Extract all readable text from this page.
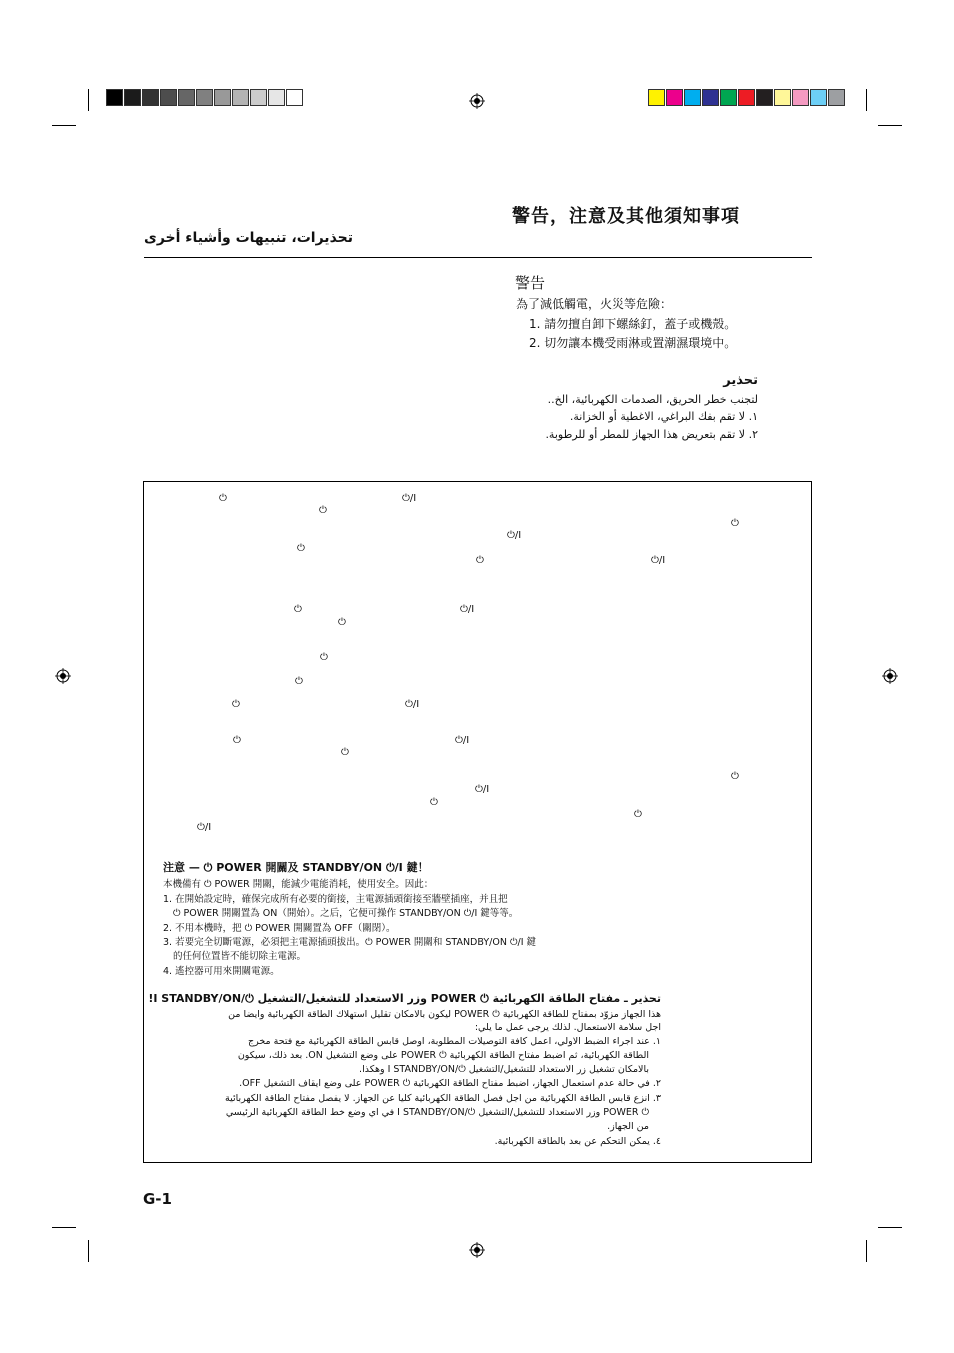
警告，注意及其他須知事項
تحذيرات، تنبيهات وأشياء أخرى
警告
為了減低觸電，火災等危險：
1. 請勿擅自卸下螺絲釘，蓋子或機殼。
2. 切勿讓本機受雨淋或置潮濕環境中。
تحذير
لتجنب خطر الحريق، الصدمات الكهربائية، الخ..
١. لا تقم بفك البراغي، الاغطية أو الخزانة.
٢. لا تقم بتعريض هذا الجهاز للمطر أو للرطوبة.
⏻	⏻/I
⏻
⏻
⏻/I
⏻
⏻	⏻/I
⏻	⏻/I
⏻
⏻
⏻
⏻	⏻/I
⏻	⏻/I
⏻
⏻
⏻/I
⏻
⏻
⏻/I
注意 — ⏻ POWER 開關及 STANDBY/ON ⏻/I 鍵！
本機備有 ⏻ POWER 開關，能減少電能消耗，使用安全。因此：
1. 在開始設定時，確保完成所有必要的銜接，主電源插頭銜接至牆壁插座，并且把
⏻ POWER 開關置為 ON（開始）。之后，它便可操作 STANDBY/ON ⏻/I 鍵等等。
2. 不用本機時，把 ⏻ POWER 開關置為 OFF（關閉）。
3. 若要完全切斷電源，必須把主電源插頭拔出。⏻ POWER 開關和 STANDBY/ON ⏻/I 鍵
的任何位置皆不能切除主電源。
4. 遙控器可用來開關電源。
تحذير ـ مفتاح الطاقة الكهربائية ⏻ POWER وزر الاستعداد للتشغيل/التشغيل ⏻/I STANDBY/ON!
هذا الجهاز مزوّد بمفتاح للطاقة الكهربائية ⏻ POWER ليكون بالامكان تقليل استهلاك الطاقة الكهربائية وايضا من
اجل سلامة الاستعمال. لذلك يرجى عمل ما يلي:
١. عند اجراء الضبط الاولي، اعمل كافة التوصيلات المطلوبة، اوصل قابس الطاقة الكهربائية مع فتحة مخرج
الطاقة الكهربائية، ثم اضبط مفتاح الطاقة الكهربائية ⏻ POWER على وضع التشغيل ON. بعد ذلك، سيكون
بالامكان تشغيل زر الاستعداد للتشغيل/التشغيل ⏻/I STANDBY/ON وهكذا.
٢. في حالة عدم استعمال الجهاز، اضبط مفتاح الطاقة الكهربائية ⏻ POWER على وضع ايقاف التشغيل OFF.
٣. انزع قابس الطاقة الكهربائية من اجل فصل الطاقة الكهربائية كليا عن الجهاز. لا يفصل مفتاح الطاقة الكهربائية
⏻ POWER وزر الاستعداد للتشغيل/التشغيل ⏻/I STANDBY/ON في اي وضع خط الطاقة الكهربائية الرئيسي
من الجهاز.
٤. يمكن التحكم عن بعد بالطاقة الكهربائية.
G-1
